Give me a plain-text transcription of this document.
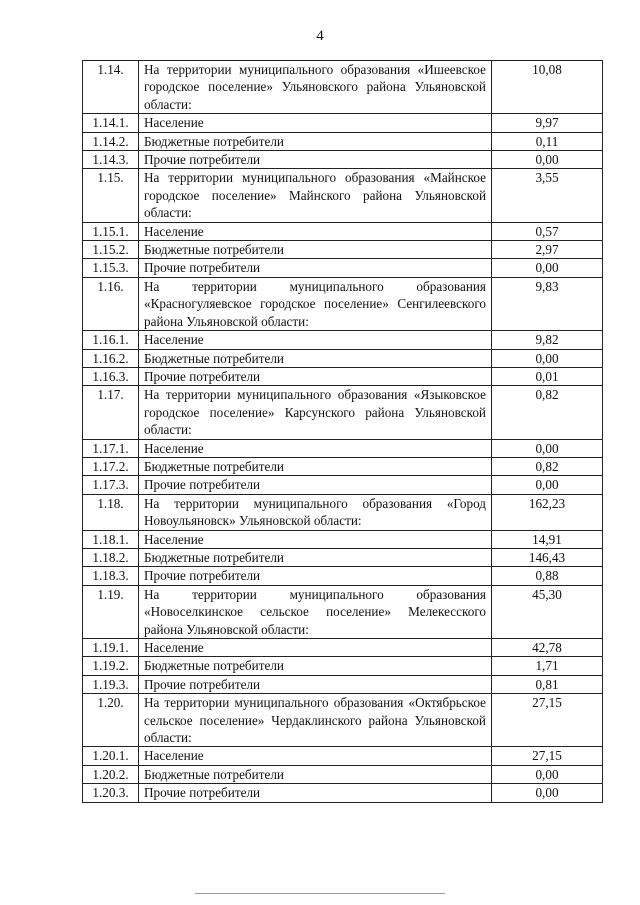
4
1.14.	На территории муниципального образования «Ишеевское городское поселение» Ульяновского района Ульяновской области:	10,08
1.14.1.	Население	9,97
1.14.2.	Бюджетные потребители	0,11
1.14.3.	Прочие потребители	0,00
1.15.	На территории муниципального образования «Майнское городское поселение» Майнского района Ульяновской области:	3,55
1.15.1.	Население	0,57
1.15.2.	Бюджетные потребители	2,97
1.15.3.	Прочие потребители	0,00
1.16.	На территории муниципального образования «Красногуляевское городское поселение» Сенгилеевского района Ульяновской области:	9,83
1.16.1.	Население	9,82
1.16.2.	Бюджетные потребители	0,00
1.16.3.	Прочие потребители	0,01
1.17.	На территории муниципального образования «Языковское городское поселение» Карсунского района Ульяновской области:	0,82
1.17.1.	Население	0,00
1.17.2.	Бюджетные потребители	0,82
1.17.3.	Прочие потребители	0,00
1.18.	На территории муниципального образования «Город Новоульяновск» Ульяновской области:	162,23
1.18.1.	Население	14,91
1.18.2.	Бюджетные потребители	146,43
1.18.3.	Прочие потребители	0,88
1.19.	На территории муниципального образования «Новоселкинское сельское поселение» Мелекесского района Ульяновской области:	45,30
1.19.1.	Население	42,78
1.19.2.	Бюджетные потребители	1,71
1.19.3.	Прочие потребители	0,81
1.20.	На территории муниципального образования «Октябрьское сельское поселение» Чердаклинского района Ульяновской области:	27,15
1.20.1.	Население	27,15
1.20.2.	Бюджетные потребители	0,00
1.20.3.	Прочие потребители	0,00
